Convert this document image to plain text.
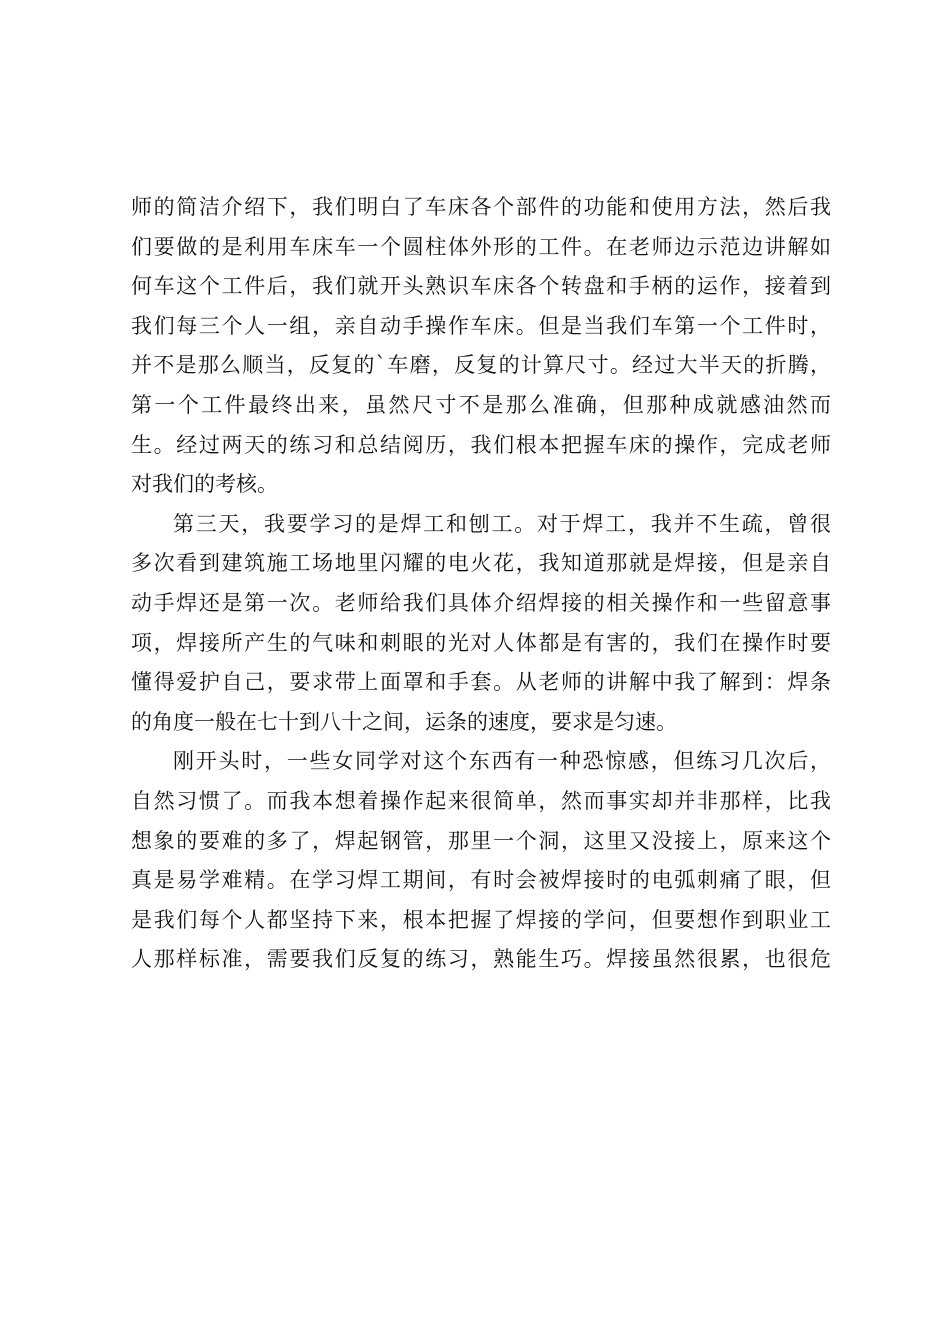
师的简洁介绍下，我们明白了车床各个部件的功能和使用方法，然后我
们要做的是利用车床车一个圆柱体外形的工件。在老师边示范边讲解如
何车这个工件后，我们就开头熟识车床各个转盘和手柄的运作，接着到
我们每三个人一组，亲自动手操作车床。但是当我们车第一个工件时，
并不是那么顺当，反复的`车磨，反复的计算尺寸。经过大半天的折腾，
第一个工件最终出来，虽然尺寸不是那么准确，但那种成就感油然而
生。经过两天的练习和总结阅历，我们根本把握车床的操作，完成老师
对我们的考核。
第三天，我要学习的是焊工和刨工。对于焊工，我并不生疏，曾很
多次看到建筑施工场地里闪耀的电火花，我知道那就是焊接，但是亲自
动手焊还是第一次。老师给我们具体介绍焊接的相关操作和一些留意事
项，焊接所产生的气味和刺眼的光对人体都是有害的，我们在操作时要
懂得爱护自己，要求带上面罩和手套。从老师的讲解中我了解到：焊条
的角度一般在七十到八十之间，运条的速度，要求是匀速。
刚开头时，一些女同学对这个东西有一种恐惊感，但练习几次后，
自然习惯了。而我本想着操作起来很简单，然而事实却并非那样，比我
想象的要难的多了，焊起钢管，那里一个洞，这里又没接上，原来这个
真是易学难精。在学习焊工期间，有时会被焊接时的电弧刺痛了眼，但
是我们每个人都坚持下来，根本把握了焊接的学问，但要想作到职业工
人那样标准，需要我们反复的练习，熟能生巧。焊接虽然很累，也很危
